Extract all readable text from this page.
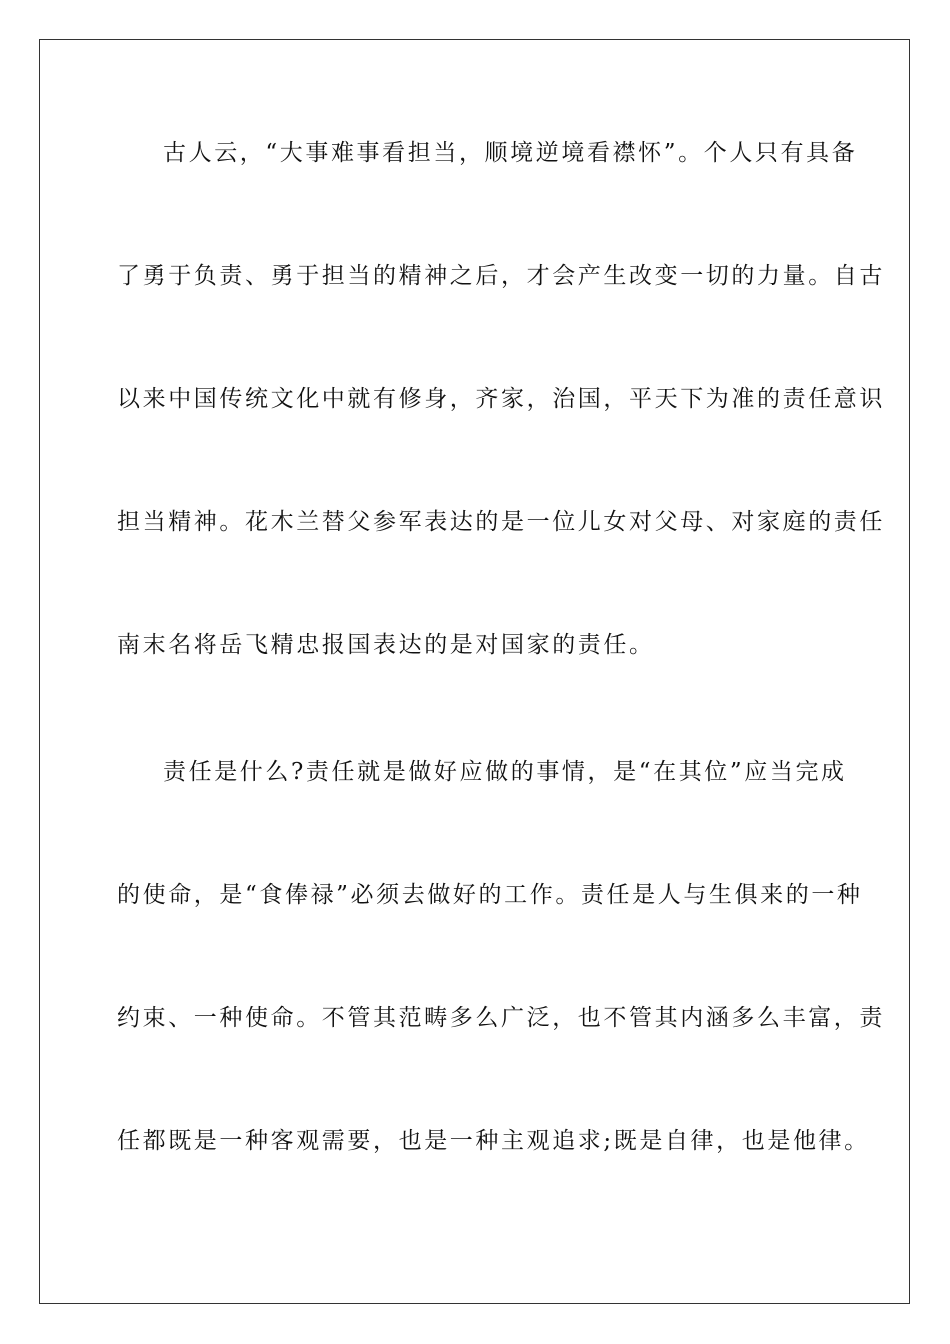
古人云，“大事难事看担当，顺境逆境看襟怀”。个人只有具备
了勇于负责、勇于担当的精神之后，才会产生改变一切的力量。自古
以来中国传统文化中就有修身，齐家，治国，平天下为准的责任意识
担当精神。花木兰替父参军表达的是一位儿女对父母、对家庭的责任
南末名将岳飞精忠报国表达的是对国家的责任。
责任是什么?责任就是做好应做的事情，是“在其位”应当完成
的使命，是“食俸禄”必须去做好的工作。责任是人与生俱来的一种
约束、一种使命。不管其范畴多么广泛，也不管其内涵多么丰富，责
任都既是一种客观需要，也是一种主观追求;既是自律，也是他律。
